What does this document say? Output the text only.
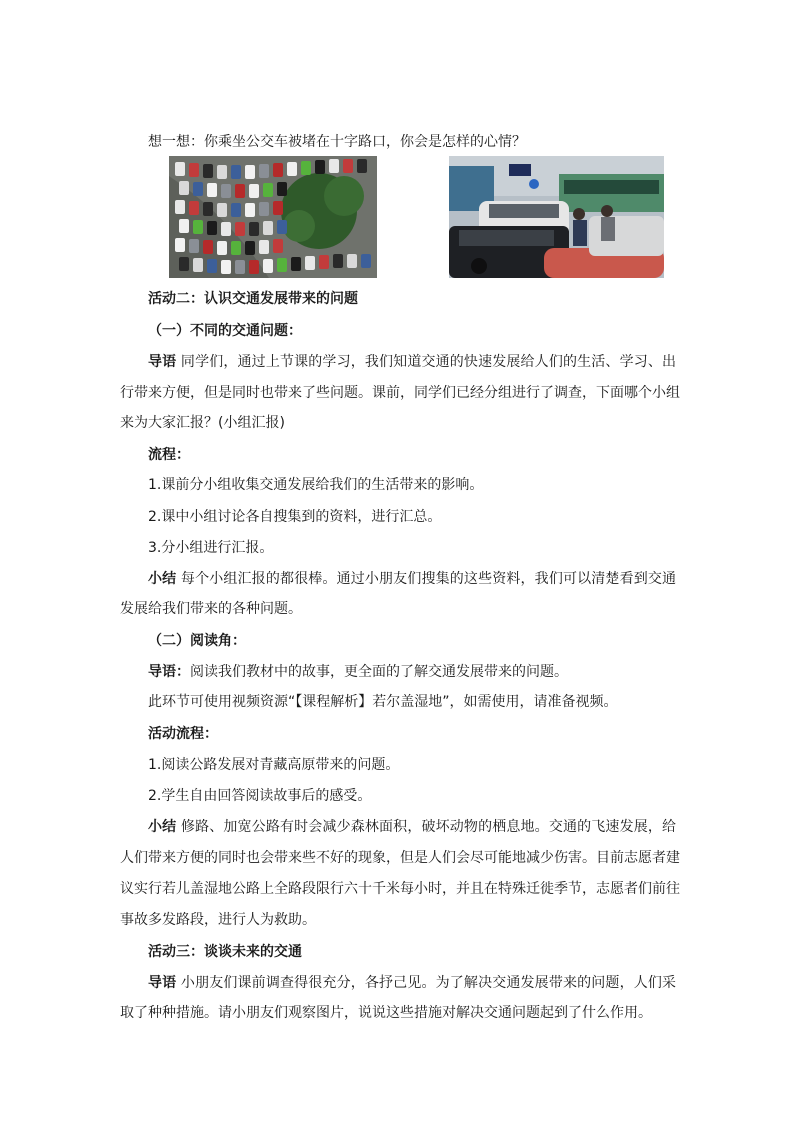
想一想：你乘坐公交车被堵在十字路口，你会是怎样的心情？
活动二：认识交通发展带来的问题
（一）不同的交通问题：
导语 同学们，通过上节课的学习，我们知道交通的快速发展给人们的生活、学习、出
行带来方便，但是同时也带来了些问题。课前，同学们已经分组进行了调查，下面哪个小组
来为大家汇报？(小组汇报)
流程：
1.课前分小组收集交通发展给我们的生活带来的影响。
2.课中小组讨论各自搜集到的资料，进行汇总。
3.分小组进行汇报。
小结 每个小组汇报的都很棒。通过小朋友们搜集的这些资料，我们可以清楚看到交通
发展给我们带来的各种问题。
（二）阅读角：
导语：阅读我们教材中的故事，更全面的了解交通发展带来的问题。
此环节可使用视频资源“【课程解析】若尔盖湿地”，如需使用，请准备视频。
活动流程：
1.阅读公路发展对青藏高原带来的问题。
2.学生自由回答阅读故事后的感受。
小结 修路、加宽公路有时会减少森林面积，破坏动物的栖息地。交通的飞速发展，给
人们带来方便的同时也会带来些不好的现象，但是人们会尽可能地减少伤害。目前志愿者建
议实行若儿盖湿地公路上全路段限行六十千米每小时，并且在特殊迁徙季节，志愿者们前往
事故多发路段，进行人为救助。
活动三：谈谈未来的交通
导语 小朋友们课前调查得很充分，各抒己见。为了解决交通发展带来的问题，人们采
取了种种措施。请小朋友们观察图片，说说这些措施对解决交通问题起到了什么作用。
